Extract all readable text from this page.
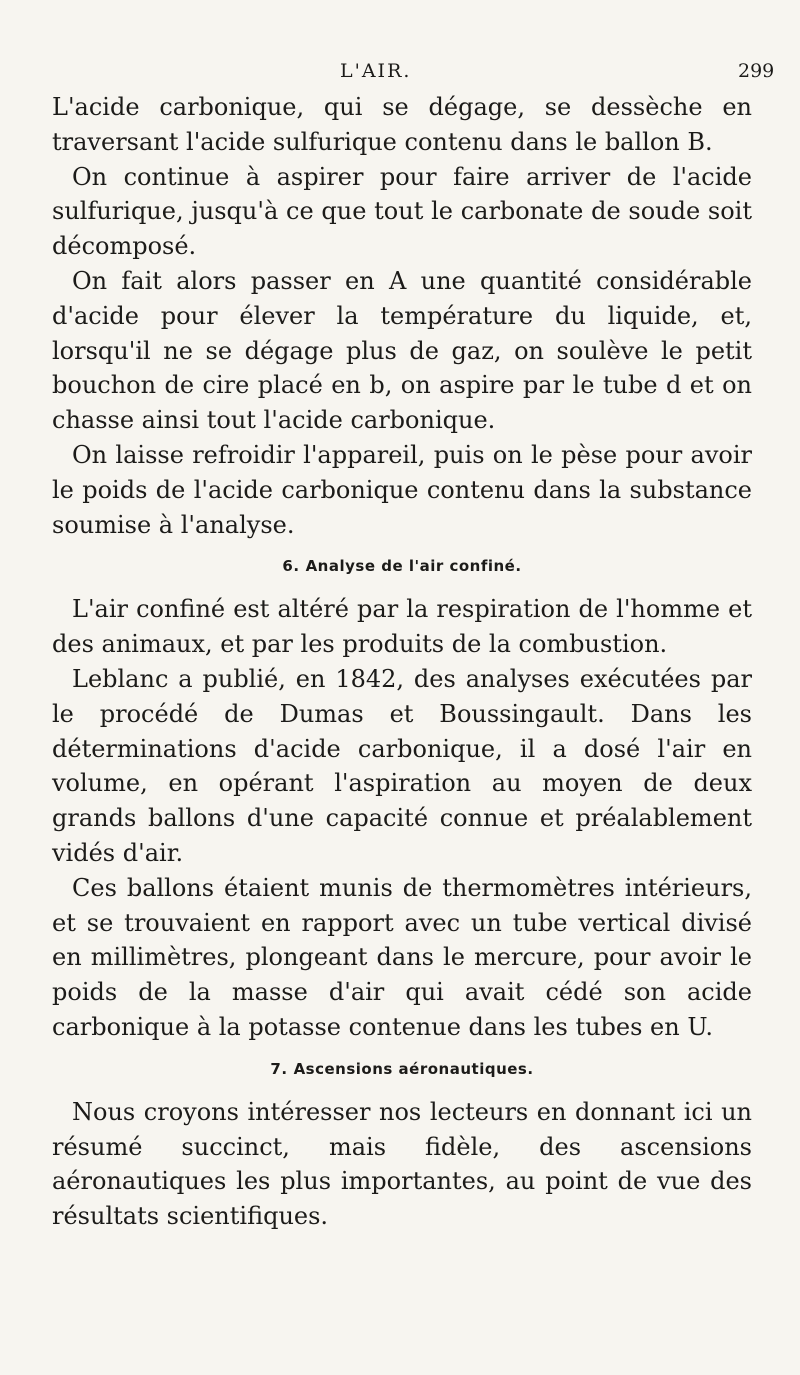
L'AIR.	299

L'acide carbonique, qui se dégage, se dessèche en traversant l'acide sulfurique contenu dans le ballon B.

On continue à aspirer pour faire arriver de l'acide sulfurique, jusqu'à ce que tout le carbonate de soude soit décomposé.

On fait alors passer en A une quantité considérable d'acide pour élever la température du liquide, et, lorsqu'il ne se dégage plus de gaz, on soulève le petit bouchon de cire placé en b, on aspire par le tube d et on chasse ainsi tout l'acide carbonique.

On laisse refroidir l'appareil, puis on le pèse pour avoir le poids de l'acide carbonique contenu dans la substance soumise à l'analyse.

6. Analyse de l'air confiné.

L'air confiné est altéré par la respiration de l'homme et des animaux, et par les produits de la combustion.

Leblanc a publié, en 1842, des analyses exécutées par le procédé de Dumas et Boussingault. Dans les déterminations d'acide carbonique, il a dosé l'air en volume, en opérant l'aspiration au moyen de deux grands ballons d'une capacité connue et préalablement vidés d'air.

Ces ballons étaient munis de thermomètres intérieurs, et se trouvaient en rapport avec un tube vertical divisé en millimètres, plongeant dans le mercure, pour avoir le poids de la masse d'air qui avait cédé son acide carbonique à la potasse contenue dans les tubes en U.

7. Ascensions aéronautiques.

Nous croyons intéresser nos lecteurs en donnant ici un résumé succinct, mais fidèle, des ascensions aéronautiques les plus importantes, au point de vue des résultats scientifiques.
